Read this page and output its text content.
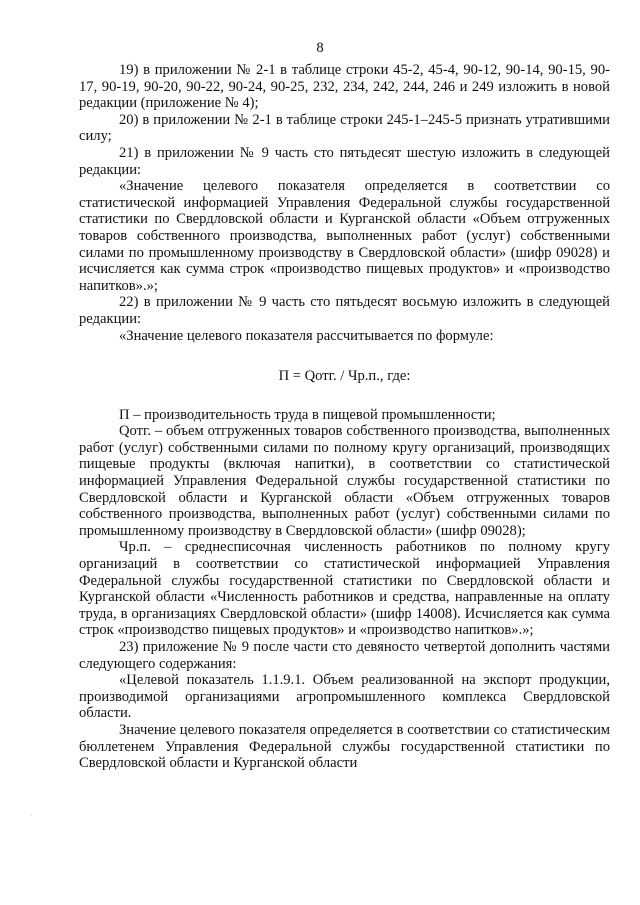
8

19) в приложении № 2-1 в таблице строки 45-2, 45-4, 90-12, 90-14, 90-15, 90-17, 90-19, 90-20, 90-22, 90-24, 90-25, 232, 234, 242, 244, 246 и 249 изложить в новой редакции (приложение № 4);

20) в приложении № 2-1 в таблице строки 245-1–245-5 признать утратившими силу;

21) в приложении № 9 часть сто пятьдесят шестую изложить в следующей редакции:

«Значение целевого показателя определяется в соответствии со статистической информацией Управления Федеральной службы государственной статистики по Свердловской области и Курганской области «Объем отгруженных товаров собственного производства, выполненных работ (услуг) собственными силами по промышленному производству в Свердловской области» (шифр 09028) и исчисляется как сумма строк «производство пищевых продуктов» и «производство напитков».»;

22) в приложении № 9 часть сто пятьдесят восьмую изложить в следующей редакции:

«Значение целевого показателя рассчитывается по формуле:

П = Qотг. / Чр.п., где:

П – производительность труда в пищевой промышленности;

Qотг. – объем отгруженных товаров собственного производства, выполненных работ (услуг) собственными силами по полному кругу организаций, производящих пищевые продукты (включая напитки), в соответствии со статистической информацией Управления Федеральной службы государственной статистики по Свердловской области и Курганской области «Объем отгруженных товаров собственного производства, выполненных работ (услуг) собственными силами по промышленному производству в Свердловской области» (шифр 09028);

Чр.п. – среднесписочная численность работников по полному кругу организаций в соответствии со статистической информацией Управления Федеральной службы государственной статистики по Свердловской области и Курганской области «Численность работников и средства, направленные на оплату труда, в организациях Свердловской области» (шифр 14008). Исчисляется как сумма строк «производство пищевых продуктов» и «производство напитков».»;

23) приложение № 9 после части сто девяносто четвертой дополнить частями следующего содержания:

«Целевой показатель 1.1.9.1. Объем реализованной на экспорт продукции, производимой организациями агропромышленного комплекса Свердловской области.

Значение целевого показателя определяется в соответствии со статистическим бюллетенем Управления Федеральной службы государственной статистики по Свердловской области и Курганской области

·
